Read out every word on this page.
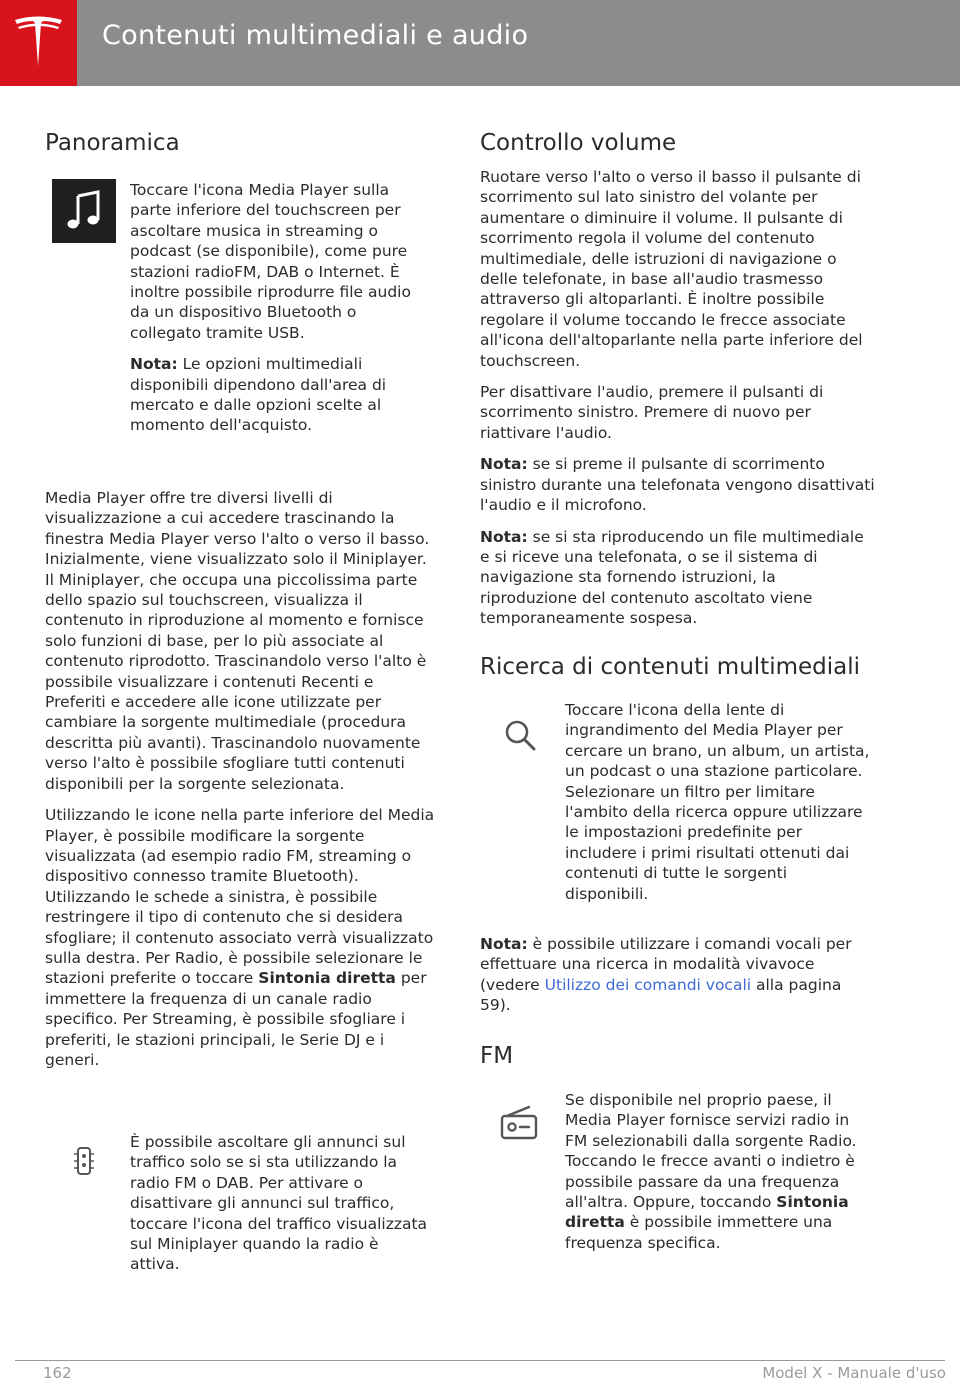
Contenuti multimediali e audio
Panoramica

Toccare l'icona Media Player sulla parte inferiore del touchscreen per ascoltare musica in streaming o podcast (se disponibile), come pure stazioni radioFM, DAB o Internet. È inoltre possibile riprodurre file audio da un dispositivo Bluetooth o collegato tramite USB.

Nota: Le opzioni multimediali disponibili dipendono dall'area di mercato e dalle opzioni scelte al momento dell'acquisto.

Media Player offre tre diversi livelli di visualizzazione a cui accedere trascinando la finestra Media Player verso l'alto o verso il basso. Inizialmente, viene visualizzato solo il Miniplayer. Il Miniplayer, che occupa una piccolissima parte dello spazio sul touchscreen, visualizza il contenuto in riproduzione al momento e fornisce solo funzioni di base, per lo più associate al contenuto riprodotto. Trascinandolo verso l'alto è possibile visualizzare i contenuti Recenti e Preferiti e accedere alle icone utilizzate per cambiare la sorgente multimediale (procedura descritta più avanti). Trascinandolo nuovamente verso l'alto è possibile sfogliare tutti contenuti disponibili per la sorgente selezionata.

Utilizzando le icone nella parte inferiore del Media Player, è possibile modificare la sorgente visualizzata (ad esempio radio FM, streaming o dispositivo connesso tramite Bluetooth). Utilizzando le schede a sinistra, è possibile restringere il tipo di contenuto che si desidera sfogliare; il contenuto associato verrà visualizzato sulla destra. Per Radio, è possibile selezionare le stazioni preferite o toccare Sintonia diretta per immettere la frequenza di un canale radio specifico. Per Streaming, è possibile sfogliare i preferiti, le stazioni principali, le Serie DJ e i generi.

È possibile ascoltare gli annunci sul traffico solo se si sta utilizzando la radio FM o DAB. Per attivare o disattivare gli annunci sul traffico, toccare l'icona del traffico visualizzata sul Miniplayer quando la radio è attiva.

Controllo volume

Ruotare verso l'alto o verso il basso il pulsante di scorrimento sul lato sinistro del volante per aumentare o diminuire il volume. Il pulsante di scorrimento regola il volume del contenuto multimediale, delle istruzioni di navigazione o delle telefonate, in base all'audio trasmesso attraverso gli altoparlanti. È inoltre possibile regolare il volume toccando le frecce associate all'icona dell'altoparlante nella parte inferiore del touchscreen.

Per disattivare l'audio, premere il pulsanti di scorrimento sinistro. Premere di nuovo per riattivare l'audio.

Nota: se si preme il pulsante di scorrimento sinistro durante una telefonata vengono disattivati l'audio e il microfono.

Nota: se si sta riproducendo un file multimediale e si riceve una telefonata, o se il sistema di navigazione sta fornendo istruzioni, la riproduzione del contenuto ascoltato viene temporaneamente sospesa.

Ricerca di contenuti multimediali

Toccare l'icona della lente di ingrandimento del Media Player per cercare un brano, un album, un artista, un podcast o una stazione particolare. Selezionare un filtro per limitare l'ambito della ricerca oppure utilizzare le impostazioni predefinite per includere i primi risultati ottenuti dai contenuti di tutte le sorgenti disponibili.

Nota: è possibile utilizzare i comandi vocali per effettuare una ricerca in modalità vivavoce (vedere Utilizzo dei comandi vocali alla pagina 59).

FM

Se disponibile nel proprio paese, il Media Player fornisce servizi radio in FM selezionabili dalla sorgente Radio. Toccando le frecce avanti o indietro è possibile passare da una frequenza all'altra. Oppure, toccando Sintonia diretta è possibile immettere una frequenza specifica.

162	Model X - Manuale d'uso
